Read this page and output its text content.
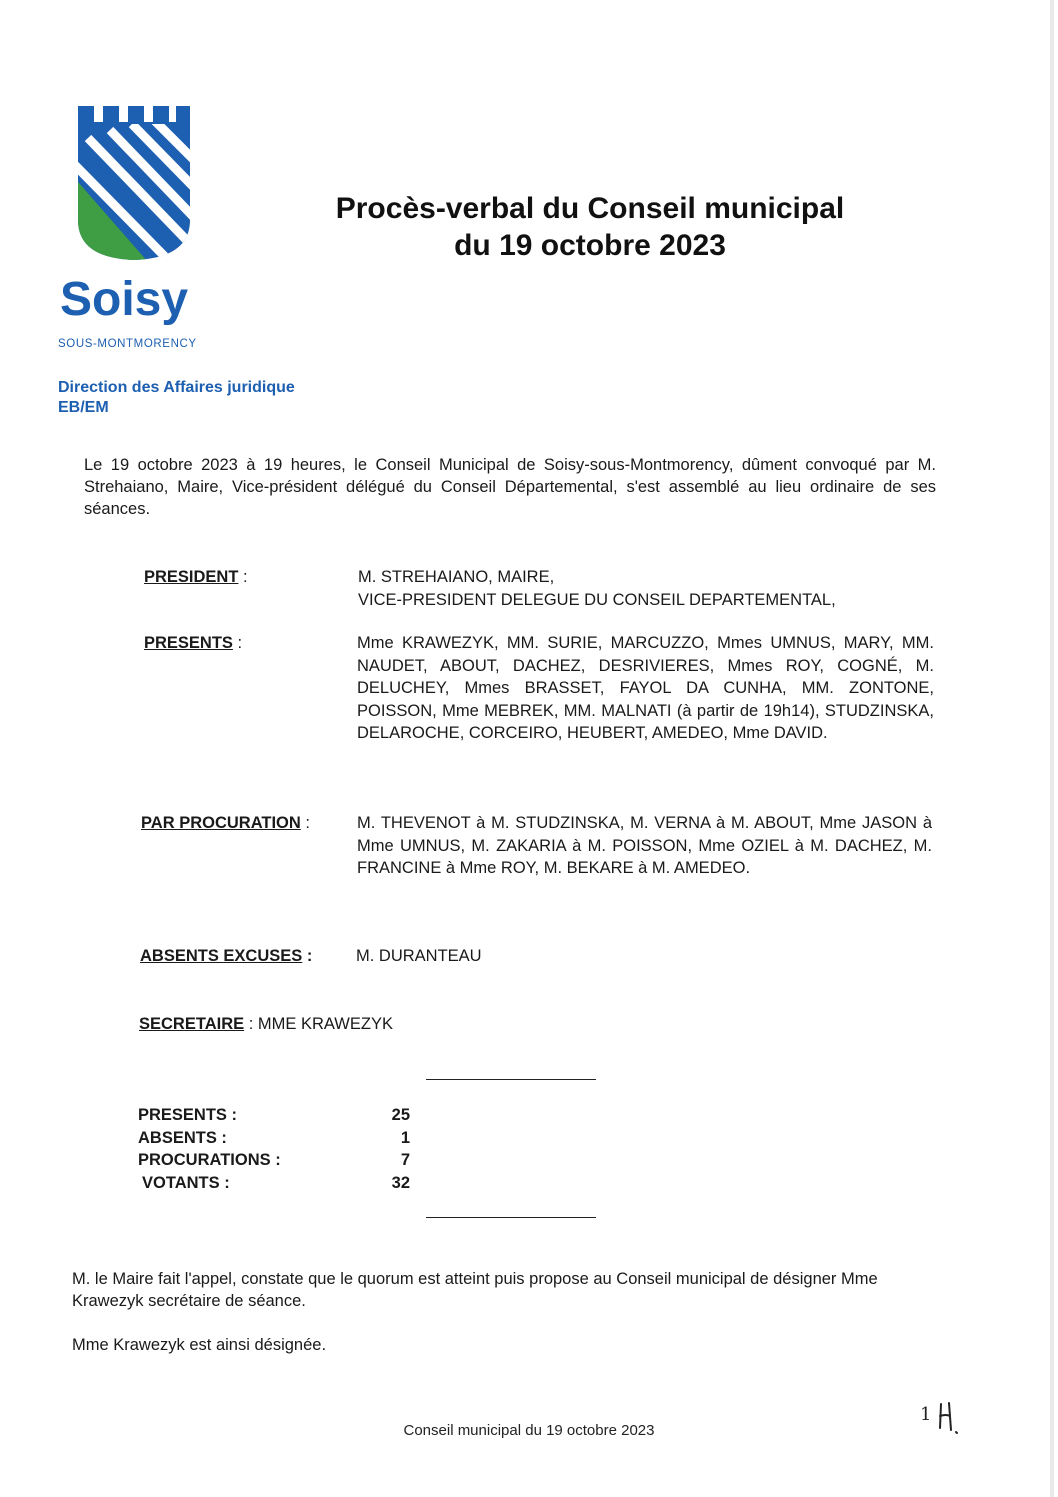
Soisy
SOUS-MONTMORENCY
Procès-verbal du Conseil municipal
du 19 octobre 2023
Direction des Affaires juridique
EB/EM
Le 19 octobre 2023 à 19 heures, le Conseil Municipal de Soisy-sous-Montmorency, dûment convoqué par M. Strehaiano, Maire, Vice-président délégué du Conseil Départemental, s'est assemblé au lieu ordinaire de ses séances.
PRESIDENT :	M. STREHAIANO, MAIRE,
VICE-PRESIDENT DELEGUE DU CONSEIL DEPARTEMENTAL,
PRESENTS :	Mme KRAWEZYK, MM. SURIE, MARCUZZO, Mmes UMNUS, MARY, MM. NAUDET, ABOUT, DACHEZ, DESRIVIERES, Mmes ROY, COGNÉ, M. DELUCHEY, Mmes BRASSET, FAYOL DA CUNHA, MM. ZONTONE, POISSON, Mme MEBREK, MM. MALNATI (à partir de 19h14), STUDZINSKA, DELAROCHE, CORCEIRO, HEUBERT, AMEDEO, Mme DAVID.
PAR PROCURATION :	M. THEVENOT à M. STUDZINSKA, M. VERNA à M. ABOUT, Mme JASON à Mme UMNUS, M. ZAKARIA à M. POISSON, Mme OZIEL à M. DACHEZ, M. FRANCINE à Mme ROY, M. BEKARE à M. AMEDEO.
ABSENTS EXCUSES :	M. DURANTEAU
SECRETAIRE : MME KRAWEZYK
PRESENTS :	25
ABSENTS :	1
PROCURATIONS :	7
VOTANTS :	32
M. le Maire fait l'appel, constate que le quorum est atteint puis propose au Conseil municipal de désigner Mme Krawezyk secrétaire de séance.
Mme Krawezyk est ainsi désignée.
Conseil municipal du 19 octobre 2023
1
